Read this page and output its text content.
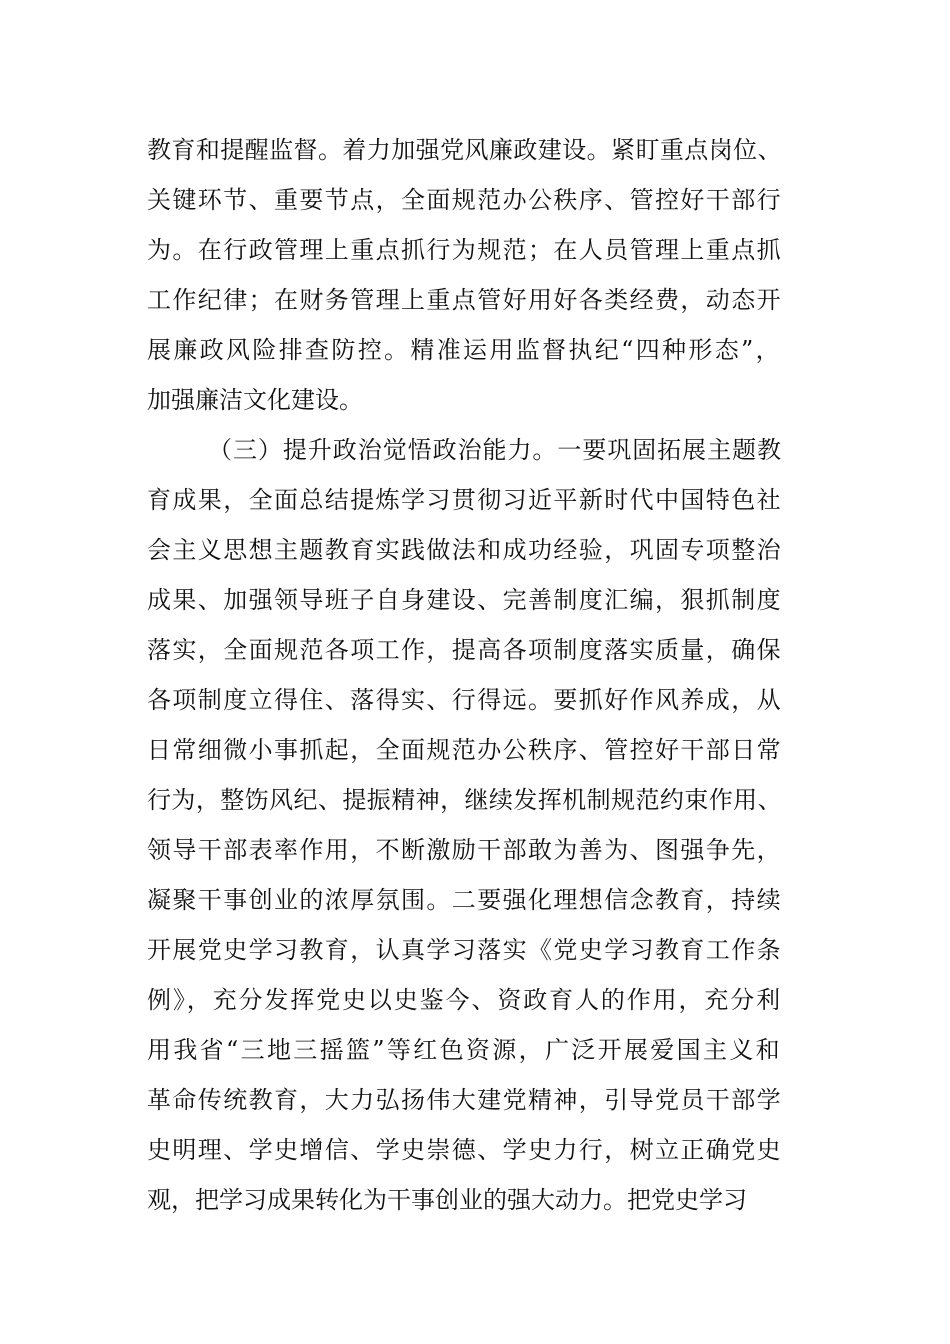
教育和提醒监督。着力加强党风廉政建设。紧盯重点岗位、
关键环节、重要节点，全面规范办公秩序、管控好干部行
为。在行政管理上重点抓行为规范；在人员管理上重点抓
工作纪律；在财务管理上重点管好用好各类经费，动态开
展廉政风险排查防控。精准运用监督执纪“四种形态”，
加强廉洁文化建设。
（三）提升政治觉悟政治能力。一要巩固拓展主题教
育成果，全面总结提炼学习贯彻习近平新时代中国特色社
会主义思想主题教育实践做法和成功经验，巩固专项整治
成果、加强领导班子自身建设、完善制度汇编，狠抓制度
落实，全面规范各项工作，提高各项制度落实质量，确保
各项制度立得住、落得实、行得远。要抓好作风养成，从
日常细微小事抓起，全面规范办公秩序、管控好干部日常
行为，整饬风纪、提振精神，继续发挥机制规范约束作用、
领导干部表率作用，不断激励干部敢为善为、图强争先，
凝聚干事创业的浓厚氛围。二要强化理想信念教育，持续
开展党史学习教育，认真学习落实《党史学习教育工作条
例》，充分发挥党史以史鉴今、资政育人的作用，充分利
用我省“三地三摇篮”等红色资源，广泛开展爱国主义和
革命传统教育，大力弘扬伟大建党精神，引导党员干部学
史明理、学史增信、学史崇德、学史力行，树立正确党史
观，把学习成果转化为干事创业的强大动力。把党史学习
